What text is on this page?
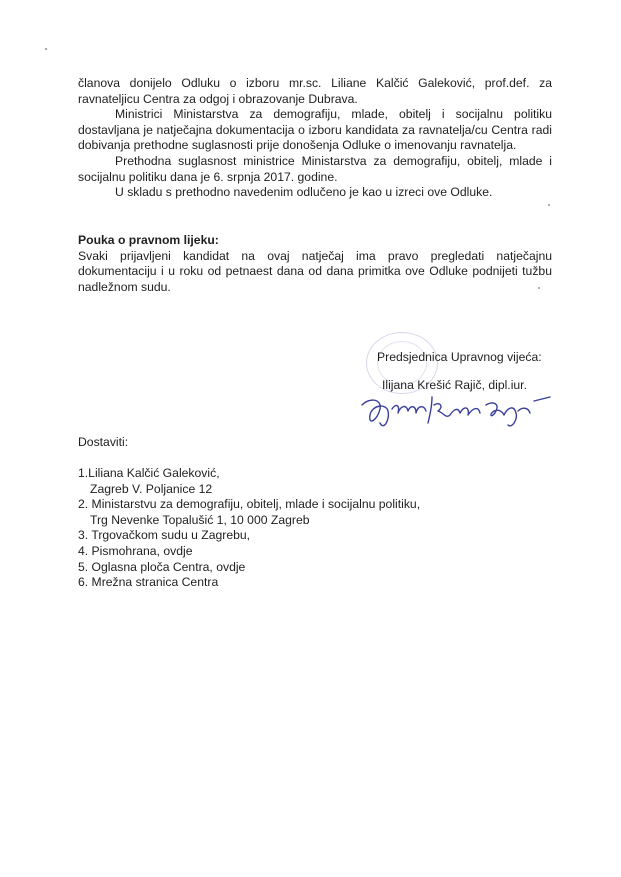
članova donijelo Odluku o izboru mr.sc. Liliane Kalčić Galeković, prof.def. za ravnateljicu Centra za odgoj i obrazovanje Dubrava.

Ministrici Ministarstva za demografiju, mlade, obitelj i socijalnu politiku dostavljana je natječajna dokumentacija o izboru kandidata za ravnatelja/cu Centra radi dobivanja prethodne suglasnosti prije donošenja Odluke o imenovanju ravnatelja.

Prethodna suglasnost ministrice Ministarstva za demografiju, obitelj, mlade i socijalnu politiku dana je 6. srpnja 2017. godine.

U skladu s prethodno navedenim odlučeno je kao u izreci ove Odluke.

Pouka o pravnom lijeku:

Svaki prijavljeni kandidat na ovaj natječaj ima pravo pregledati natječajnu dokumentaciju i u roku od petnaest dana od dana primitka ove Odluke podnijeti tužbu nadležnom sudu.

Predsjednica Upravnog vijeća:
Ilijana Krešić Rajič, dipl.iur.
Dostaviti:

1.Liliana Kalčić Galeković,

Zagreb V. Poljanice 12

2. Ministarstvu za demografiju, obitelj, mlade i socijalnu politiku,

Trg Nevenke Topalušić 1, 10 000 Zagreb

3. Trgovačkom sudu u Zagrebu,

4. Pismohrana, ovdje

5. Oglasna ploča Centra, ovdje

6. Mrežna stranica Centra
